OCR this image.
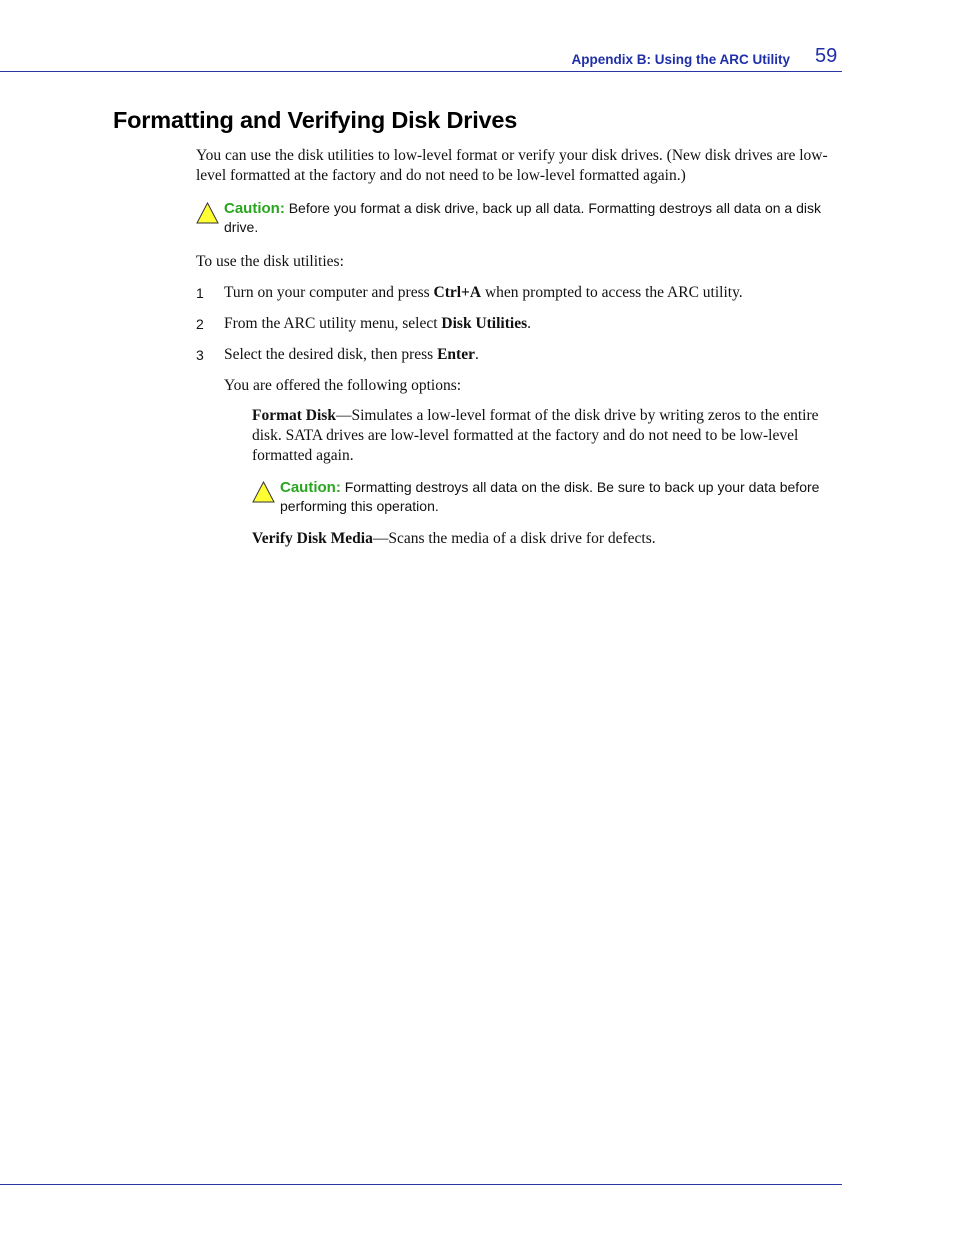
Appendix B: Using the ARC Utility 59
Formatting and Verifying Disk Drives

You can use the disk utilities to low-level format or verify your disk drives. (New disk drives are low-level formatted at the factory and do not need to be low-level formatted again.)

Caution: Before you format a disk drive, back up all data. Formatting destroys all data on a disk drive.

To use the disk utilities:

1 Turn on your computer and press Ctrl+A when prompted to access the ARC utility.

2 From the ARC utility menu, select Disk Utilities.

3 Select the desired disk, then press Enter.

You are offered the following options:

Format Disk—Simulates a low-level format of the disk drive by writing zeros to the entire disk. SATA drives are low-level formatted at the factory and do not need to be low-level formatted again.

Caution: Formatting destroys all data on the disk. Be sure to back up your data before performing this operation.

Verify Disk Media—Scans the media of a disk drive for defects.
